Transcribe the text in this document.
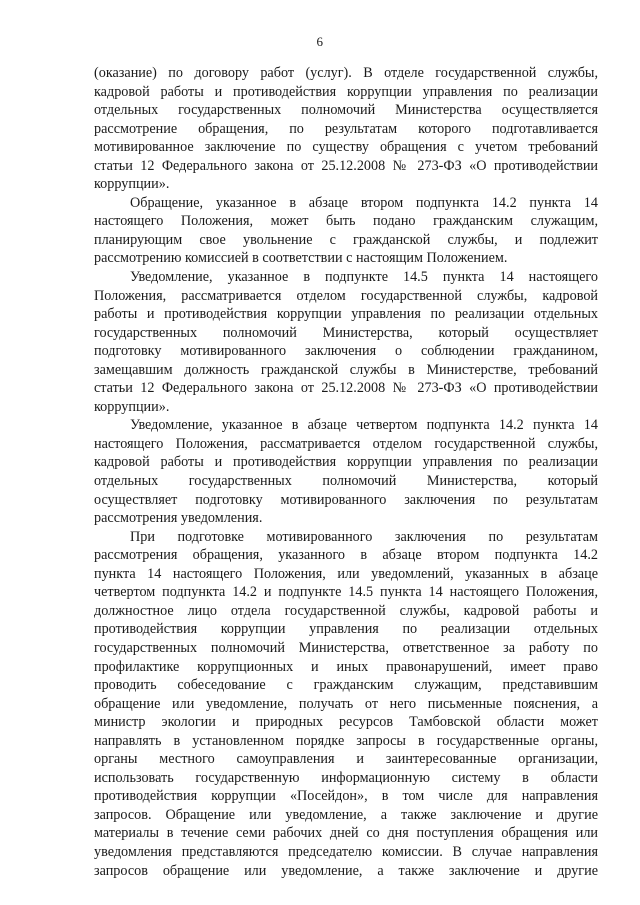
6
(оказание) по договору работ (услуг). В отделе государственной службы,
кадровой работы и противодействия коррупции управления по реализации
отдельных государственных полномочий Министерства осуществляется
рассмотрение обращения, по результатам которого подготавливается
мотивированное заключение по существу обращения с учетом требований
статьи 12 Федерального закона от 25.12.2008 № 273-ФЗ «О противодействии
коррупции».
Обращение, указанное в абзаце втором подпункта 14.2 пункта 14
настоящего Положения, может быть подано гражданским служащим,
планирующим свое увольнение с гражданской службы, и подлежит
рассмотрению комиссией в соответствии с настоящим Положением.
Уведомление, указанное в подпункте 14.5 пункта 14 настоящего
Положения, рассматривается отделом государственной службы, кадровой
работы и противодействия коррупции управления по реализации отдельных
государственных полномочий Министерства, который осуществляет
подготовку мотивированного заключения о соблюдении гражданином,
замещавшим должность гражданской службы в Министерстве, требований
статьи 12 Федерального закона от 25.12.2008 № 273-ФЗ «О противодействии
коррупции».
Уведомление, указанное в абзаце четвертом подпункта 14.2 пункта 14
настоящего Положения, рассматривается отделом государственной службы,
кадровой работы и противодействия коррупции управления по реализации
отдельных государственных полномочий Министерства, который
осуществляет подготовку мотивированного заключения по результатам
рассмотрения уведомления.
При подготовке мотивированного заключения по результатам
рассмотрения обращения, указанного в абзаце втором подпункта 14.2
пункта 14 настоящего Положения, или уведомлений, указанных в абзаце
четвертом подпункта 14.2 и подпункте 14.5 пункта 14 настоящего Положения,
должностное лицо отдела государственной службы, кадровой работы и
противодействия коррупции управления по реализации отдельных
государственных полномочий Министерства, ответственное за работу по
профилактике коррупционных и иных правонарушений, имеет право
проводить собеседование с гражданским служащим, представившим
обращение или уведомление, получать от него письменные пояснения, а
министр экологии и природных ресурсов Тамбовской области может
направлять в установленном порядке запросы в государственные органы,
органы местного самоуправления и заинтересованные организации,
использовать государственную информационную систему в области
противодействия коррупции «Посейдон», в том числе для направления
запросов. Обращение или уведомление, а также заключение и другие
материалы в течение семи рабочих дней со дня поступления обращения или
уведомления представляются председателю комиссии. В случае направления
запросов обращение или уведомление, а также заключение и другие
